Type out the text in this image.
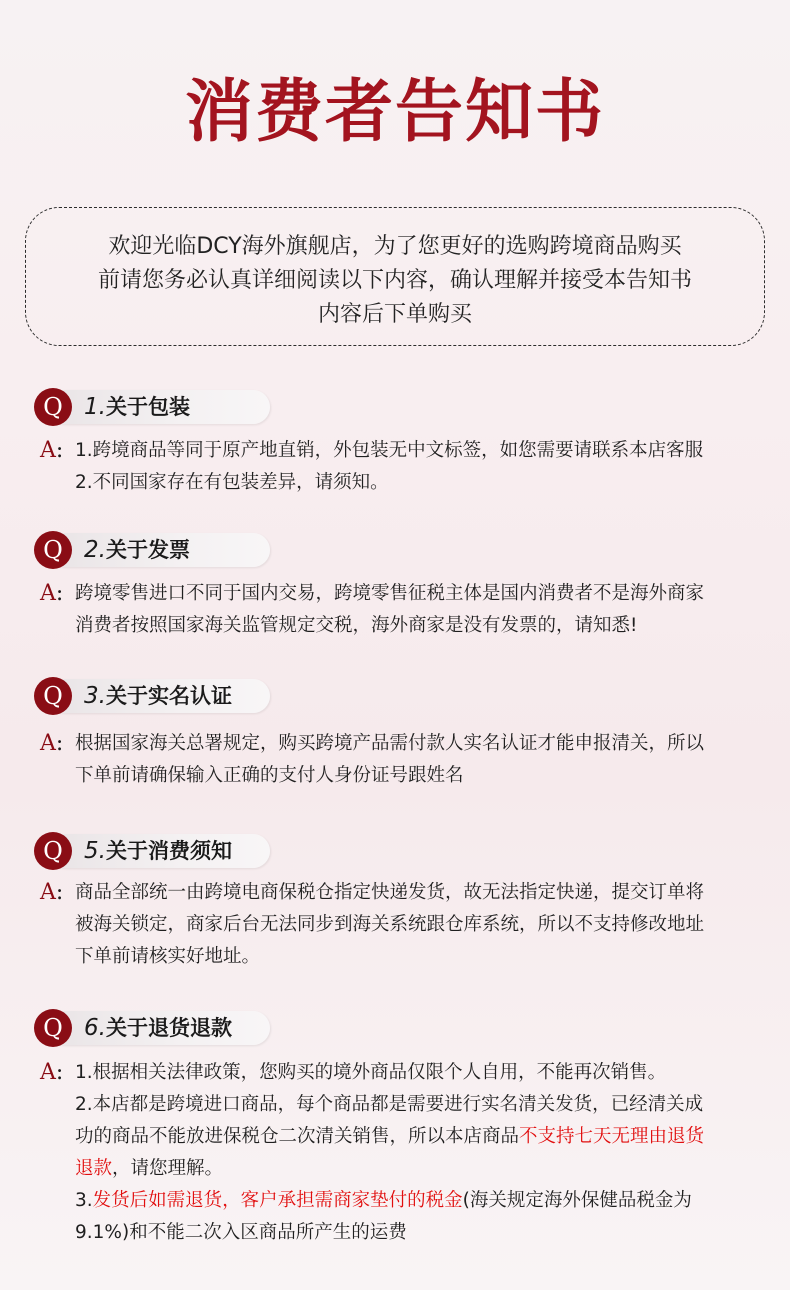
消费者告知书
欢迎光临DCY海外旗舰店，为了您更好的选购跨境商品购买
前请您务必认真详细阅读以下内容，确认理解并接受本告知书
内容后下单购买
Q 1.关于包装
A: 1.跨境商品等同于原产地直销，外包装无中文标签，如您需要请联系本店客服
2.不同国家存在有包装差异，请须知。
Q 2.关于发票
A: 跨境零售进口不同于国内交易，跨境零售征税主体是国内消费者不是海外商家
消费者按照国家海关监管规定交税，海外商家是没有发票的，请知悉!
Q 3.关于实名认证
A: 根据国家海关总署规定，购买跨境产品需付款人实名认证才能申报清关，所以
下单前请确保输入正确的支付人身份证号跟姓名
Q 5.关于消费须知
A: 商品全部统一由跨境电商保税仓指定快递发货，故无法指定快递，提交订单将
被海关锁定，商家后台无法同步到海关系统跟仓库系统，所以不支持修改地址
下单前请核实好地址。
Q 6.关于退货退款
A: 1.根据相关法律政策，您购买的境外商品仅限个人自用，不能再次销售。
2.本店都是跨境进口商品，每个商品都是需要进行实名清关发货，已经清关成
功的商品不能放进保税仓二次清关销售，所以本店商品不支持七天无理由退货
退款，请您理解。
3.发货后如需退货，客户承担需商家垫付的税金(海关规定海外保健品税金为
9.1%)和不能二次入区商品所产生的运费
